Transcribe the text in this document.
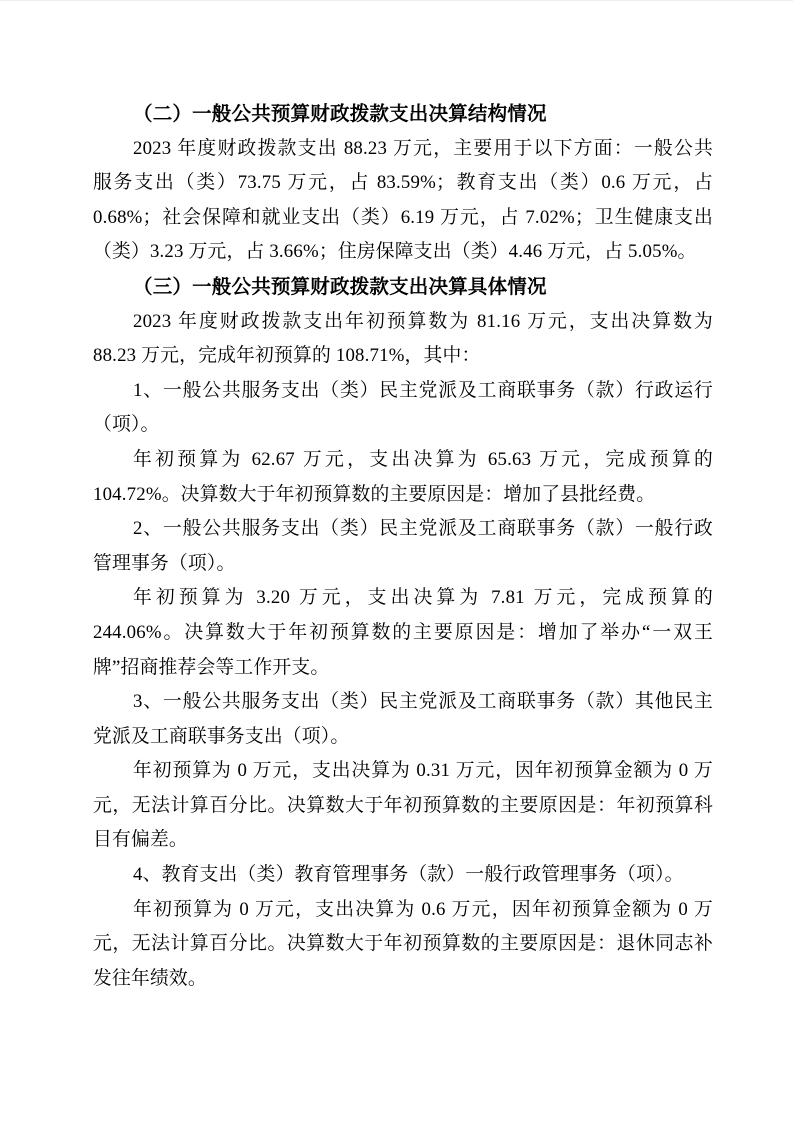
（二）一般公共预算财政拨款支出决算结构情况
2023 年度财政拨款支出 88.23 万元，主要用于以下方面：一般公共
服务支出（类）73.75 万元，占 83.59%；教育支出（类）0.6 万元，占
0.68%；社会保障和就业支出（类）6.19 万元，占 7.02%；卫生健康支出
（类）3.23 万元，占 3.66%；住房保障支出（类）4.46 万元，占 5.05%。
（三）一般公共预算财政拨款支出决算具体情况
2023 年度财政拨款支出年初预算数为 81.16 万元，支出决算数为
88.23 万元，完成年初预算的 108.71%，其中：
1、一般公共服务支出（类）民主党派及工商联事务（款）行政运行
（项）。
年初预算为 62.67 万元，支出决算为 65.63 万元，完成预算的
104.72%。决算数大于年初预算数的主要原因是：增加了县批经费。
2、一般公共服务支出（类）民主党派及工商联事务（款）一般行政
管理事务（项）。
年初预算为 3.20 万元，支出决算为 7.81 万元，完成预算的
244.06%。决算数大于年初预算数的主要原因是：增加了举办“一双王
牌”招商推荐会等工作开支。
3、一般公共服务支出（类）民主党派及工商联事务（款）其他民主
党派及工商联事务支出（项）。
年初预算为 0 万元，支出决算为 0.31 万元，因年初预算金额为 0 万
元，无法计算百分比。决算数大于年初预算数的主要原因是：年初预算科
目有偏差。
4、教育支出（类）教育管理事务（款）一般行政管理事务（项）。
年初预算为 0 万元，支出决算为 0.6 万元，因年初预算金额为 0 万
元，无法计算百分比。决算数大于年初预算数的主要原因是：退休同志补
发往年绩效。
